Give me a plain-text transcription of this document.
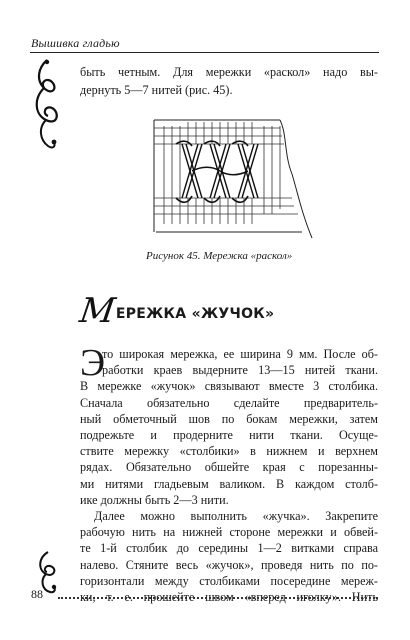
Вышивка гладью

быть четным. Для мережки «раскол» надо вы-
дернуть 5—7 нитей (рис. 45).

Рисунок 45. Мережка «раскол»
М
ЕРЕЖКА «ЖУЧОК»
Э
то широкая мережка, ее ширина 9 мм. После об-
работки краев выдерните 13—15 нитей ткани.
В мережке «жучок» связывают вместе 3 столбика.
Сначала обязательно сделайте предваритель-
ный обметочный шов по бокам мережки, затем
подрежьте и продерните нити ткани. Осуще-
ствите мережку «столбики» в нижнем и верхнем
рядах. Обязательно обшейте края с порезанны-
ми нитями гладьевым валиком. В каждом столб-
ике должны быть 2—3 нити.
Далее можно выполнить «жучка». Закрепите
рабочую нить на нижней стороне мережки и обвей-
те 1-й столбик до середины 1—2 витками справа
налево. Стяните весь «жучок», проведя нить по по-
горизонтали между столбиками посередине мереж-
ки, т. е. прошейте швом «вперед иголку». Нить
88
